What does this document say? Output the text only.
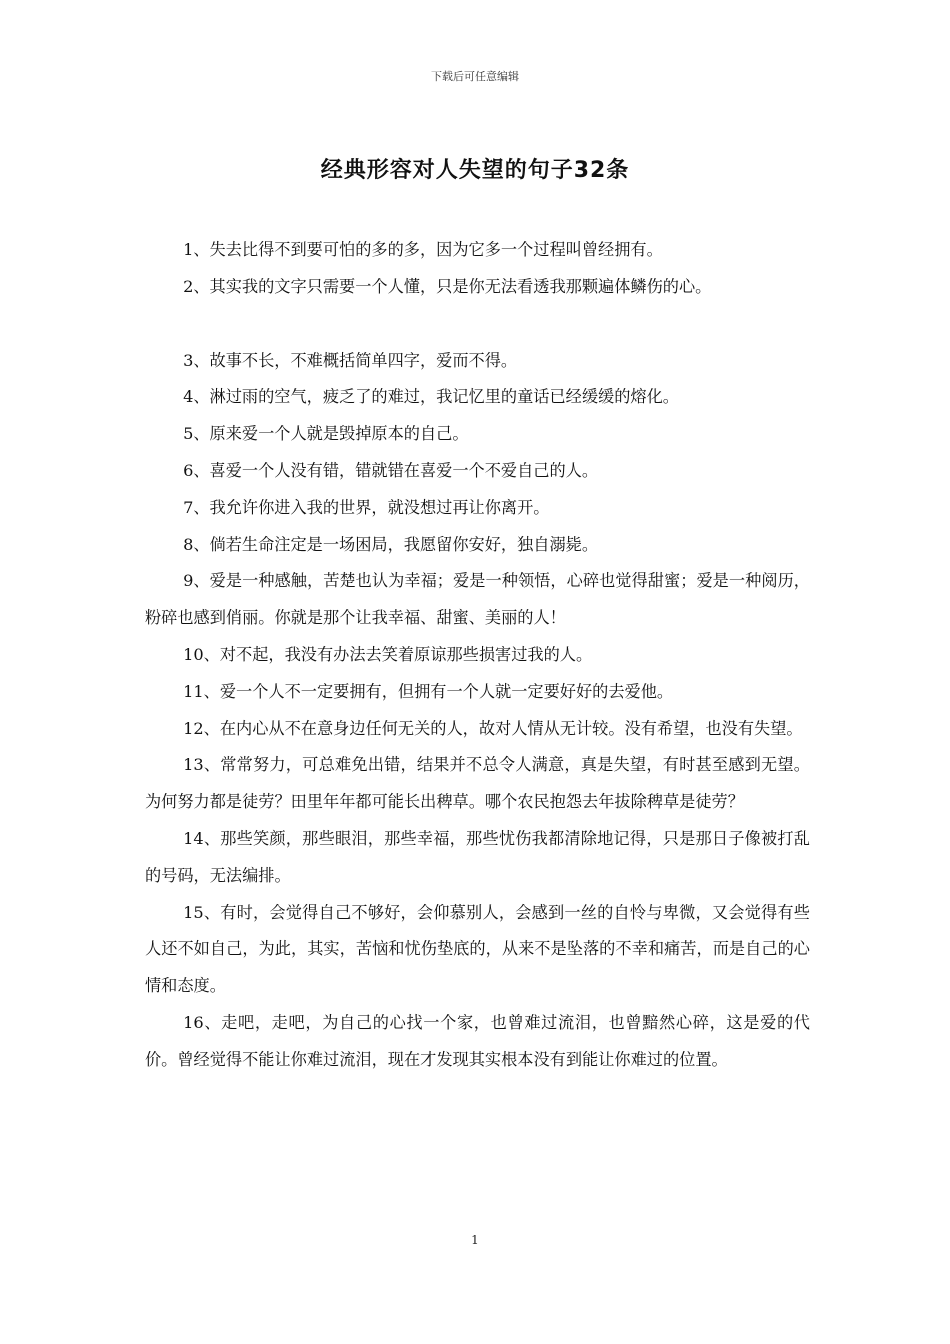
下载后可任意编辑
经典形容对人失望的句子32条

1、失去比得不到要可怕的多的多，因为它多一个过程叫曾经拥有。

2、其实我的文字只需要一个人懂，只是你无法看透我那颗遍体鳞伤的心。

3、故事不长，不难概括简单四字，爱而不得。

4、淋过雨的空气，疲乏了的难过，我记忆里的童话已经缓缓的熔化。

5、原来爱一个人就是毁掉原本的自己。

6、喜爱一个人没有错，错就错在喜爱一个不爱自己的人。

7、我允许你进入我的世界，就没想过再让你离开。

8、倘若生命注定是一场困局，我愿留你安好，独自溺毙。

9、爱是一种感触，苦楚也认为幸福；爱是一种领悟，心碎也觉得甜蜜；爱是一种阅历，粉碎也感到俏丽。你就是那个让我幸福、甜蜜、美丽的人！

10、对不起，我没有办法去笑着原谅那些损害过我的人。

11、爱一个人不一定要拥有，但拥有一个人就一定要好好的去爱他。

12、在内心从不在意身边任何无关的人，故对人情从无计较。没有希望，也没有失望。

13、常常努力，可总难免出错，结果并不总令人满意，真是失望，有时甚至感到无望。为何努力都是徒劳？田里年年都可能长出稗草。哪个农民抱怨去年拔除稗草是徒劳？

14、那些笑颜，那些眼泪，那些幸福，那些忧伤我都清除地记得，只是那日子像被打乱的号码，无法编排。

15、有时，会觉得自己不够好，会仰慕别人，会感到一丝的自怜与卑微，又会觉得有些人还不如自己，为此，其实，苦恼和忧伤垫底的，从来不是坠落的不幸和痛苦，而是自己的心情和态度。

16、走吧，走吧，为自己的心找一个家，也曾难过流泪，也曾黯然心碎，这是爱的代价。曾经觉得不能让你难过流泪，现在才发现其实根本没有到能让你难过的位置。

1
